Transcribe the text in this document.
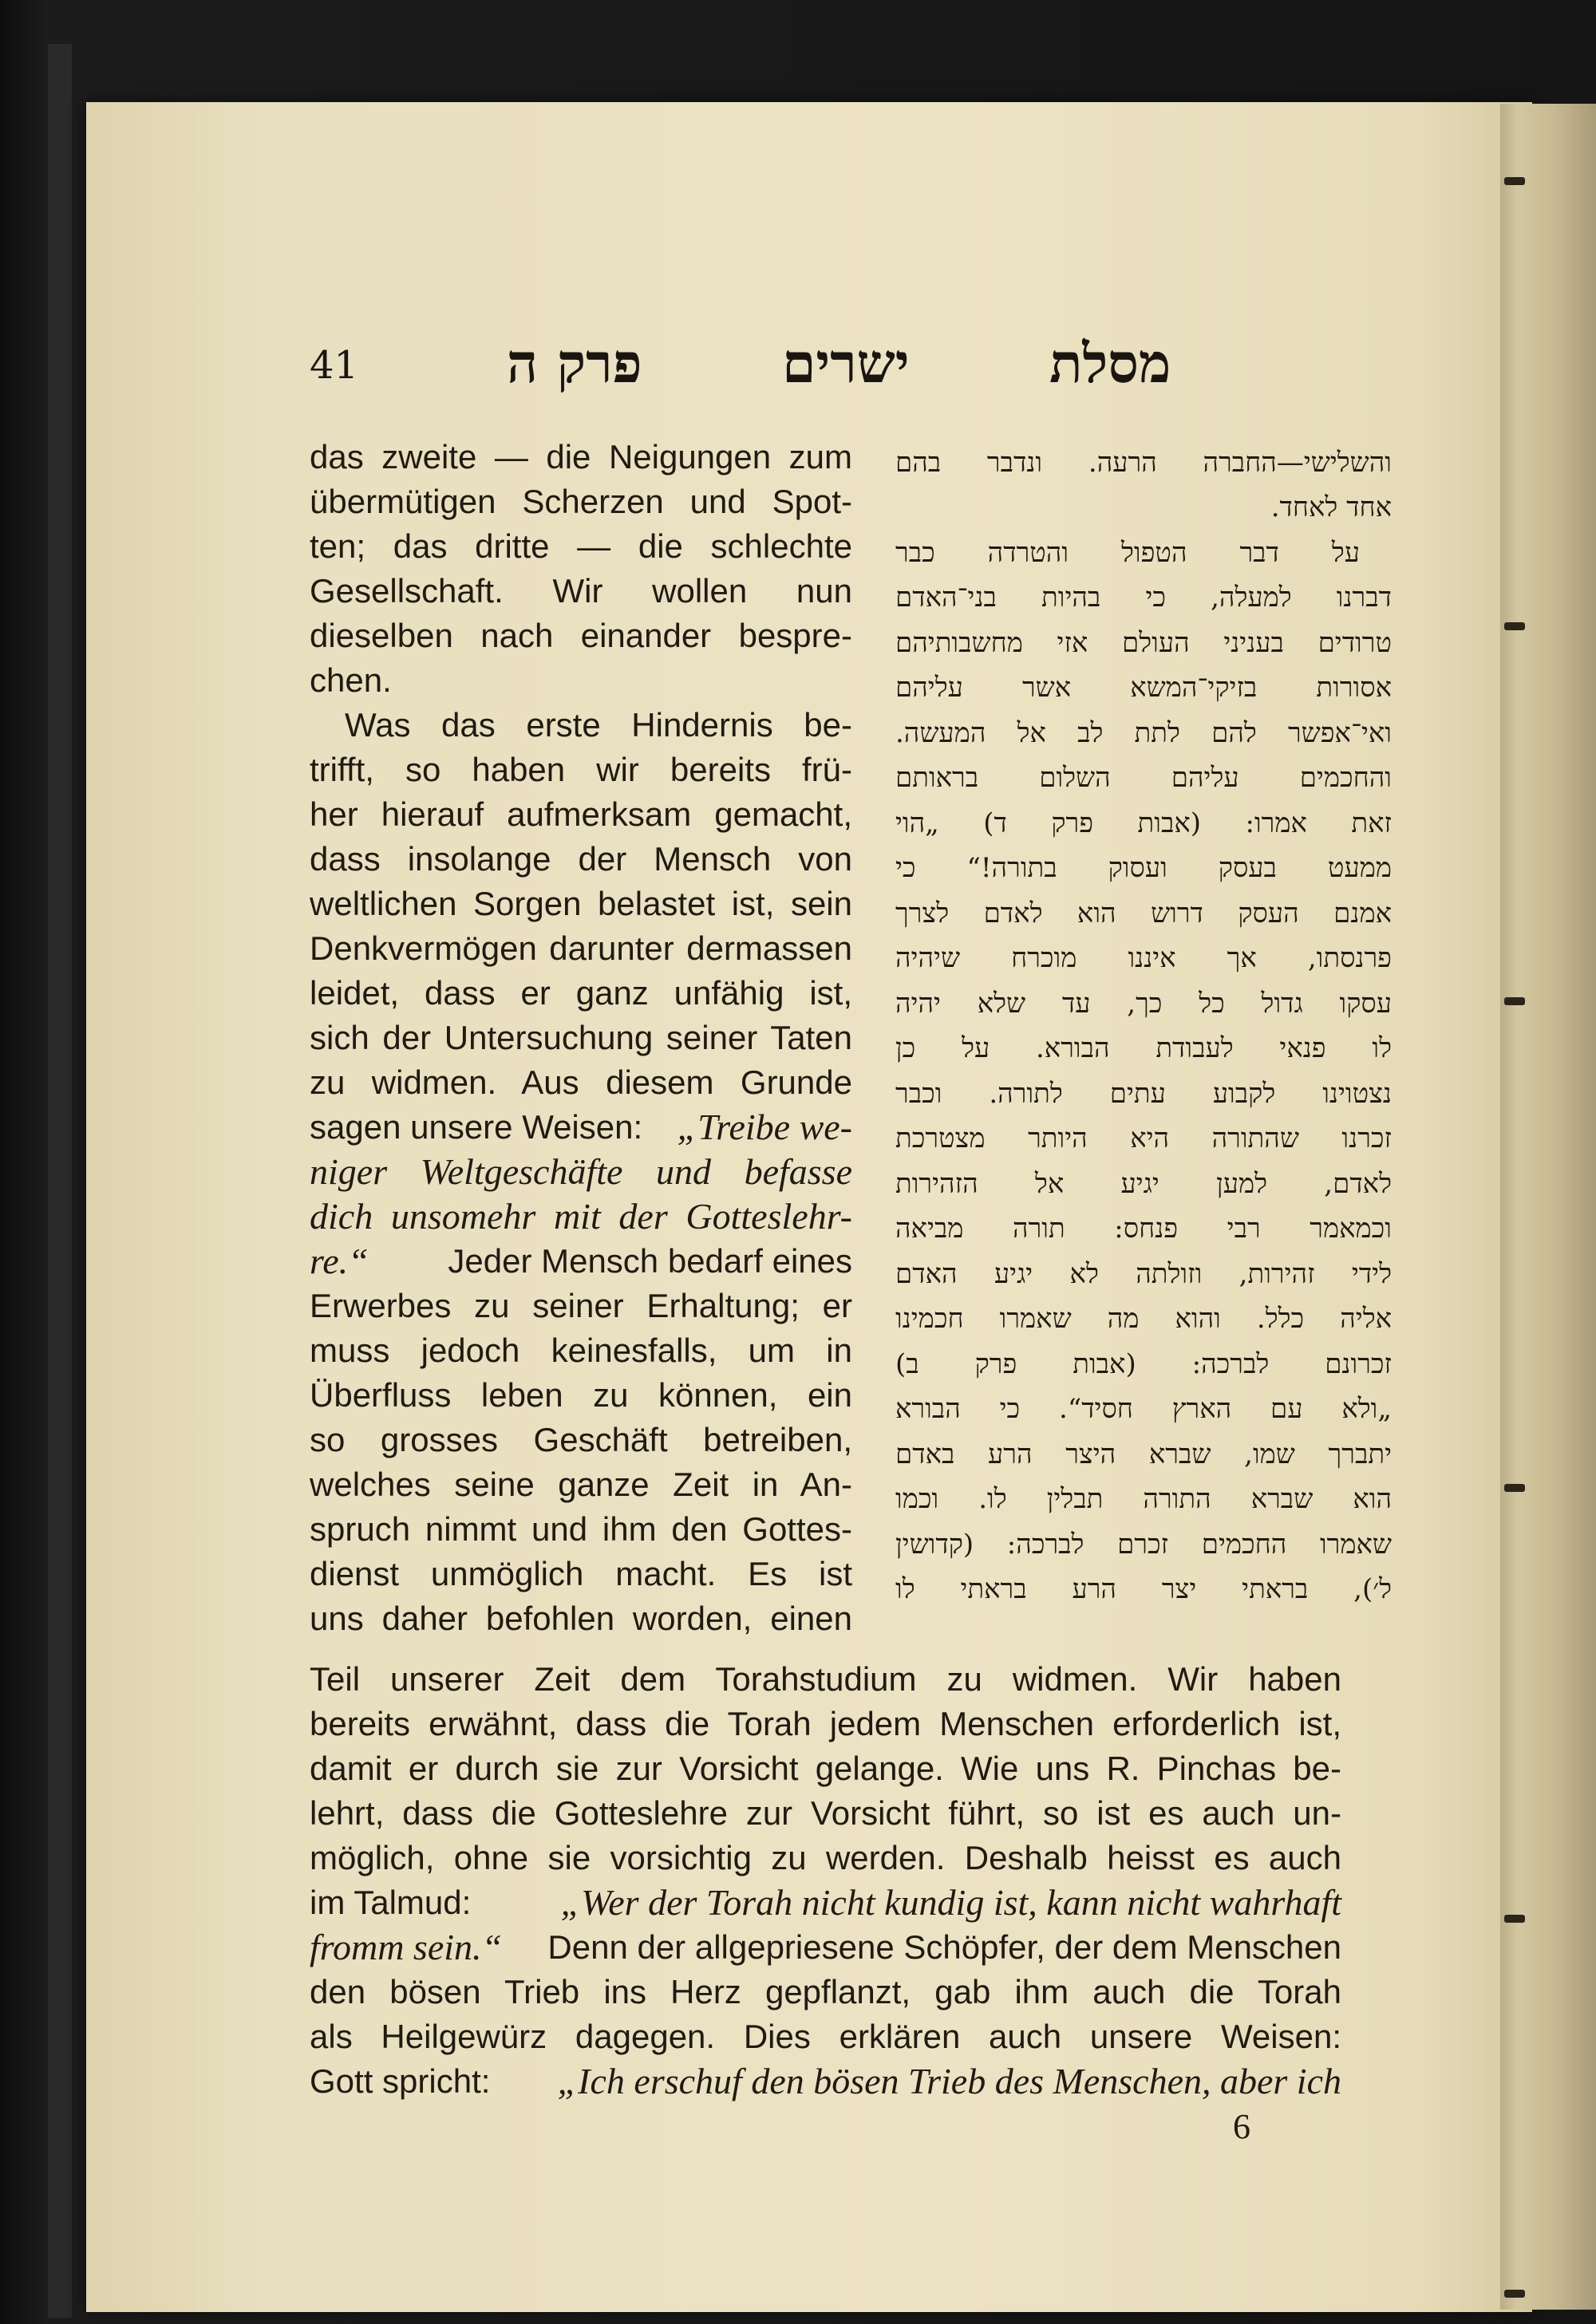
41	פרק ה	ישרים	מסלת
das zweite — die Neigungen zum
übermütigen Scherzen und Spot-
ten; das dritte — die schlechte
Gesellschaft. Wir wollen nun
dieselben nach einander bespre-
chen.
Was das erste Hindernis be-
trifft, so haben wir bereits frü-
her hierauf aufmerksam gemacht,
dass insolange der Mensch von
weltlichen Sorgen belastet ist, sein
Denkvermögen darunter dermassen
leidet, dass er ganz unfähig ist,
sich der Untersuchung seiner Taten
zu widmen. Aus diesem Grunde
sagen unsere Weisen: „Treibe we-
niger Weltgeschäfte und befasse
dich unsomehr mit der Gotteslehr-
re.“ Jeder Mensch bedarf eines
Erwerbes zu seiner Erhaltung; er
muss jedoch keinesfalls, um in
Überfluss leben zu können, ein
so grosses Geschäft betreiben,
welches seine ganze Zeit in An-
spruch nimmt und ihm den Gottes-
dienst unmöglich macht. Es ist
uns daher befohlen worden, einen
והשלישי—החברה הרעה. ונדבר בהם
אחד לאחד.
על דבר הטפול והטרדה כבר
דברנו למעלה, כי בהיות בני־האדם
טרודים בעניני העולם אזי מחשבותיהם
אסורות בזיקי־המשא אשר עליהם
ואי־אפשר להם לתת לב אל המעשה.
והחכמים עליהם השלום בראותם
זאת אמרו: (אבות פרק ד) „הוי
ממעט בעסק ועסוק בתורה!“ כי
אמנם העסק דרוש הוא לאדם לצרך
פרנסתו, אך איננו מוכרח שיהיה
עסקו גדול כל כך, עד שלא יהיה
לו פנאי לעבודת הבורא. על כן
נצטוינו לקבוע עתים לתורה. וכבר
זכרנו שהתורה היא היותר מצטרכת
לאדם, למען יגיע אל הזהירות
וכמאמר רבי פנחס: תורה מביאה
לידי זהירות, וזולתה לא יגיע האדם
אליה כלל. והוא מה שאמרו חכמינו
זכרונם לברכה: (אבות פרק ב)
„ולא עם הארץ חסיד“. כי הבורא
יתברך שמו, שברא היצר הרע באדם
הוא שברא התורה תבלין לו. וכמו
שאמרו החכמים זכרם לברכה: (קדושין
ל׳), בראתי יצר הרע בראתי לו
Teil unserer Zeit dem Torahstudium zu widmen. Wir haben
bereits erwähnt, dass die Torah jedem Menschen erforderlich ist,
damit er durch sie zur Vorsicht gelange. Wie uns R. Pinchas be-
lehrt, dass die Gotteslehre zur Vorsicht führt, so ist es auch un-
möglich, ohne sie vorsichtig zu werden. Deshalb heisst es auch
im Talmud: „Wer der Torah nicht kundig ist, kann nicht wahrhaft
fromm sein.“ Denn der allgepriesene Schöpfer, der dem Menschen
den bösen Trieb ins Herz gepflanzt, gab ihm auch die Torah
als Heilgewürz dagegen. Dies erklären auch unsere Weisen:
Gott spricht: „Ich erschuf den bösen Trieb des Menschen, aber ich
6
